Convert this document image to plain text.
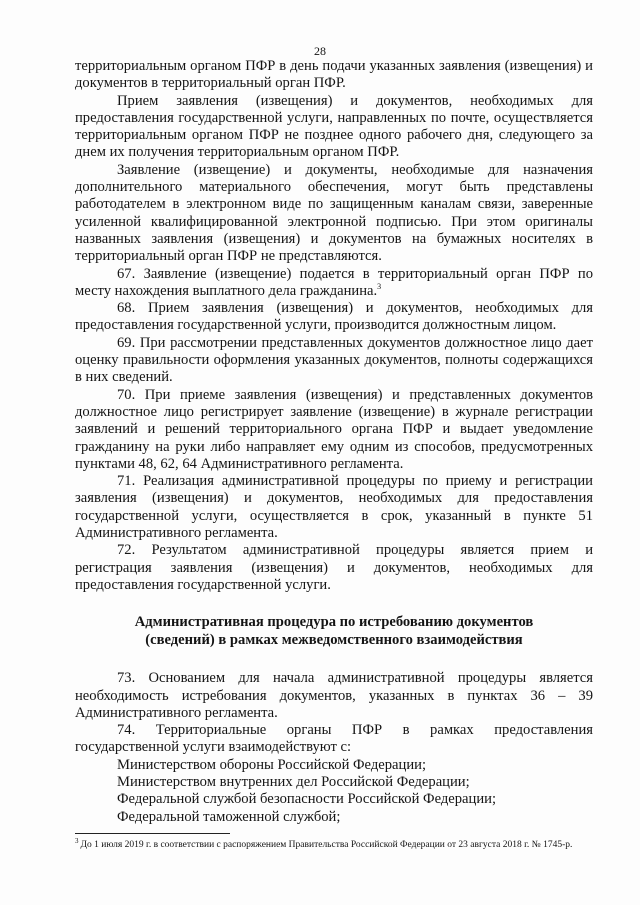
28

территориальным органом ПФР в день подачи указанных заявления (извещения) и документов в территориальный орган ПФР.

Прием заявления (извещения) и документов, необходимых для предоставления государственной услуги, направленных по почте, осуществляется территориальным органом ПФР не позднее одного рабочего дня, следующего за днем их получения территориальным органом ПФР.

Заявление (извещение) и документы, необходимые для назначения дополнительного материального обеспечения, могут быть представлены работодателем в электронном виде по защищенным каналам связи, заверенные усиленной квалифицированной электронной подписью. При этом оригиналы названных заявления (извещения) и документов на бумажных носителях в территориальный орган ПФР не представляются.

67. Заявление (извещение) подается в территориальный орган ПФР по месту нахождения выплатного дела гражданина.$^3$

68. Прием заявления (извещения) и документов, необходимых для предоставления государственной услуги, производится должностным лицом.

69. При рассмотрении представленных документов должностное лицо дает оценку правильности оформления указанных документов, полноты содержащихся в них сведений.

70. При приеме заявления (извещения) и представленных документов должностное лицо регистрирует заявление (извещение) в журнале регистрации заявлений и решений территориального органа ПФР и выдает уведомление гражданину на руки либо направляет ему одним из способов, предусмотренных пунктами 48, 62, 64 Административного регламента.

71. Реализация административной процедуры по приему и регистрации заявления (извещения) и документов, необходимых для предоставления государственной услуги, осуществляется в срок, указанный в пункте 51 Административного регламента.

72. Результатом административной процедуры является прием и регистрация заявления (извещения) и документов, необходимых для предоставления государственной услуги.

Административная процедура по истребованию документов
(сведений) в рамках межведомственного взаимодействия

73. Основанием для начала административной процедуры является необходимость истребования документов, указанных в пунктах 36 – 39 Административного регламента.

74. Территориальные органы ПФР в рамках предоставления государственной услуги взаимодействуют с:

Министерством обороны Российской Федерации;

Министерством внутренних дел Российской Федерации;

Федеральной службой безопасности Российской Федерации;

Федеральной таможенной службой;

$^3$ До 1 июля 2019 г. в соответствии с распоряжением Правительства Российской Федерации от 23 августа 2018 г. № 1745-р.
